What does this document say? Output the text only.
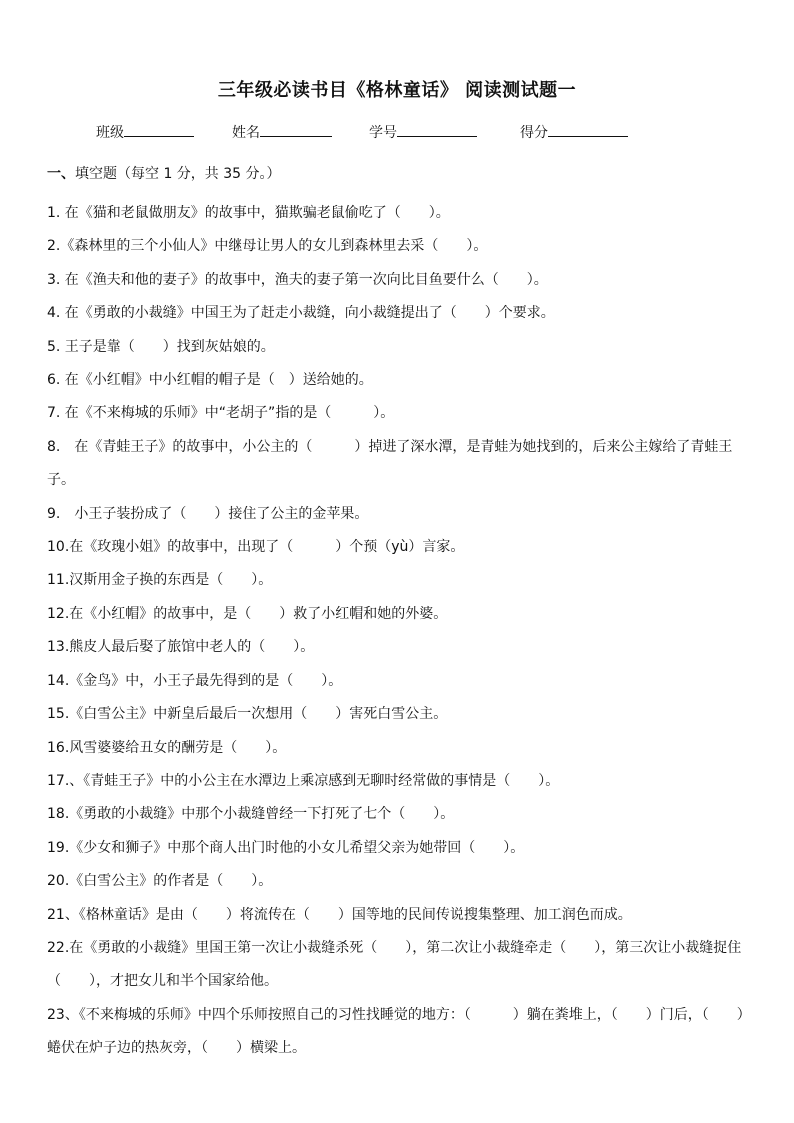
三年级必读书目《格林童话》 阅读测试题一
班级	姓名	学号	得分
一、填空题（每空 1 分，共 35 分。）
1. 在《猫和老鼠做朋友》的故事中，猫欺骗老鼠偷吃了（　　）。
2.《森林里的三个小仙人》中继母让男人的女儿到森林里去采（　　）。
3. 在《渔夫和他的妻子》的故事中，渔夫的妻子第一次向比目鱼要什么（　　）。
4. 在《勇敢的小裁缝》中国王为了赶走小裁缝，向小裁缝提出了（　　）个要求。
5. 王子是靠（　　）找到灰姑娘的。
6. 在《小红帽》中小红帽的帽子是（　）送给她的。
7. 在《不来梅城的乐师》中“老胡子”指的是（　　　）。
8.　在《青蛙王子》的故事中，小公主的（　　　）掉进了深水潭，是青蛙为她找到的，后来公主嫁给了青蛙王子。
9.　小王子装扮成了（　　）接住了公主的金苹果。
10.在《玫瑰小姐》的故事中，出现了（　　　）个预（yù）言家。
11.汉斯用金子换的东西是（　　）。
12.在《小红帽》的故事中，是（　　）救了小红帽和她的外婆。
13.熊皮人最后娶了旅馆中老人的（　　）。
14.《金鸟》中，小王子最先得到的是（　　）。
15.《白雪公主》中新皇后最后一次想用（　　）害死白雪公主。
16.风雪婆婆给丑女的酬劳是（　　）。
17.、《青蛙王子》中的小公主在水潭边上乘凉感到无聊时经常做的事情是（　　）。
18.《勇敢的小裁缝》中那个小裁缝曾经一下打死了七个（　　）。
19.《少女和狮子》中那个商人出门时他的小女儿希望父亲为她带回（　　）。
20.《白雪公主》的作者是（　　）。
21、《格林童话》是由（　　）将流传在（　　）国等地的民间传说搜集整理、加工润色而成。
22.在《勇敢的小裁缝》里国王第一次让小裁缝杀死（　　），第二次让小裁缝牵走（　　），第三次让小裁缝捉住（　　），才把女儿和半个国家给他。
23、《不来梅城的乐师》中四个乐师按照自己的习性找睡觉的地方：（　　　）躺在粪堆上，（　　）门后，（　　）蜷伏在炉子边的热灰旁，（　　）横梁上。
